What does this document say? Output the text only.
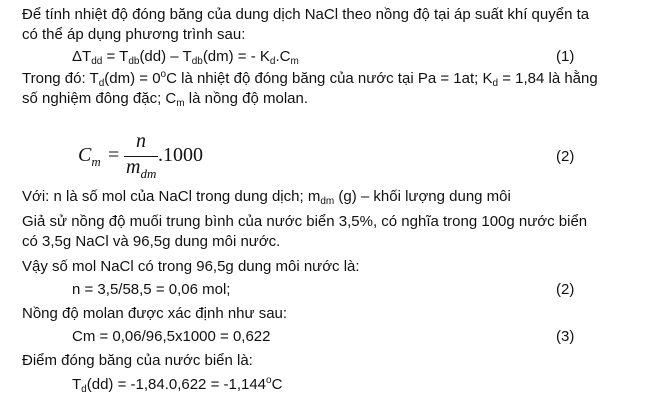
Để tính nhiệt độ đóng băng của dung dịch NaCl theo nồng độ tại áp suất khí quyển ta
có thể áp dụng phương trình sau:
$\Delta T_{dd} = T_{db}(dd) - T_{db}(dm)$ = - $K_d.C_m$	(1)
Trong đó: $T_d(dm) = 0^oC$ là nhiệt độ đóng băng của nước tại Pa = 1at; $K_d = 1,84$ là hằng
số nghiệm đông đặc; $C_m$ là nồng độ molan.
$C_m$ =
n
$m_{dm}$
.1000	(2)
Với: n là số mol của NaCl trong dung dịch; $m_{dm}$ (g) – khối lượng dung môi
Giả sử nồng độ muối trung bình của nước biển 3,5%, có nghĩa trong 100g nước biển
có 3,5g NaCl và 96,5g dung môi nước.
Vậy số mol NaCl có trong 96,5g dung môi nước là:
n = 3,5/58,5 = 0,06 mol;	(2)
Nồng độ molan được xác định như sau:
Cm = 0,06/96,5x1000 = 0,622	(3)
Điểm đóng băng của nước biển là:
$T_d(dd) = -1,84.0,622 = -1,144^oC$
